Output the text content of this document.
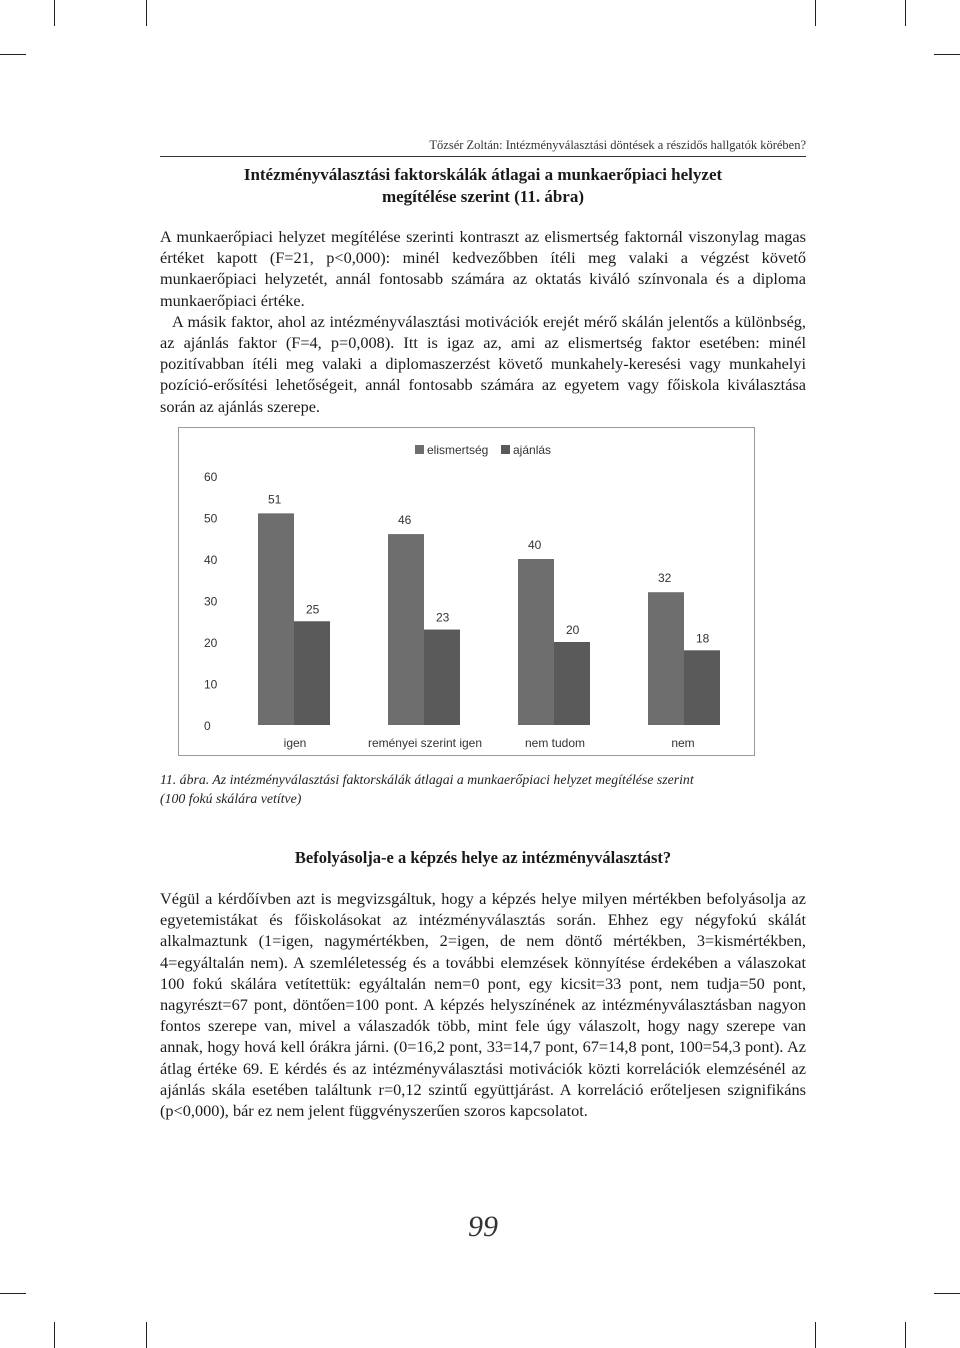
Tőzsér Zoltán: Intézményválasztási döntések a részidős hallgatók körében?
Intézményválasztási faktorskálák átlagai a munkaerőpiaci helyzet
megítélése szerint (11. ábra)

A munkaerőpiaci helyzet megítélése szerinti kontraszt az elismertség faktornál viszonylag magas értéket kapott (F=21, p<0,000): minél kedvezőbben ítéli meg valaki a végzést követő munkaerőpiaci helyzetét, annál fontosabb számára az oktatás kiváló színvonala és a diploma munkaerőpiaci értéke.

A másik faktor, ahol az intézményválasztási motivációk erejét mérő skálán jelentős a különbség, az ajánlás faktor (F=4, p=0,008). Itt is igaz az, ami az elismertség faktor esetében: minél pozitívabban ítéli meg valaki a diplomaszerzést követő munkahely-keresési vagy munkahelyi pozíció-erősítési lehetőségeit, annál fontosabb számára az egyetem vagy főiskola kiválasztása során az ajánlás szerepe.

0
10
20
30
40
50
60
elismertség ajánlás
51
25
igen
46
23
reményei szerint igen
40
20
nem tudom
32
18
nem
11. ábra. Az intézményválasztási faktorskálák átlagai a munkaerőpiaci helyzet megítélése szerint
(100 fokú skálára vetítve)
Befolyásolja-e a képzés helye az intézményválasztást?

Végül a kérdőívben azt is megvizsgáltuk, hogy a képzés helye milyen mértékben befolyásolja az egyetemistákat és főiskolásokat az intézményválasztás során. Ehhez egy négyfokú skálát alkalmaztunk (1=igen, nagymértékben, 2=igen, de nem döntő mértékben, 3=kismértékben, 4=egyáltalán nem). A szemléletesség és a további elemzések könnyítése érdekében a válaszokat 100 fokú skálára vetítettük: egyáltalán nem=0 pont, egy kicsit=33 pont, nem tudja=50 pont, nagyrészt=67 pont, döntően=100 pont. A képzés helyszínének az intézményválasztásban nagyon fontos szerepe van, mivel a válaszadók több, mint fele úgy válaszolt, hogy nagy szerepe van annak, hogy hová kell órákra járni. (0=16,2 pont, 33=14,7 pont, 67=14,8 pont, 100=54,3 pont). Az átlag értéke 69. E kérdés és az intézményválasztási motivációk közti korrelációk elemzésénél az ajánlás skála esetében találtunk r=0,12 szintű együttjárást. A korreláció erőteljesen szignifikáns (p<0,000), bár ez nem jelent függvényszerűen szoros kapcsolatot.

99
